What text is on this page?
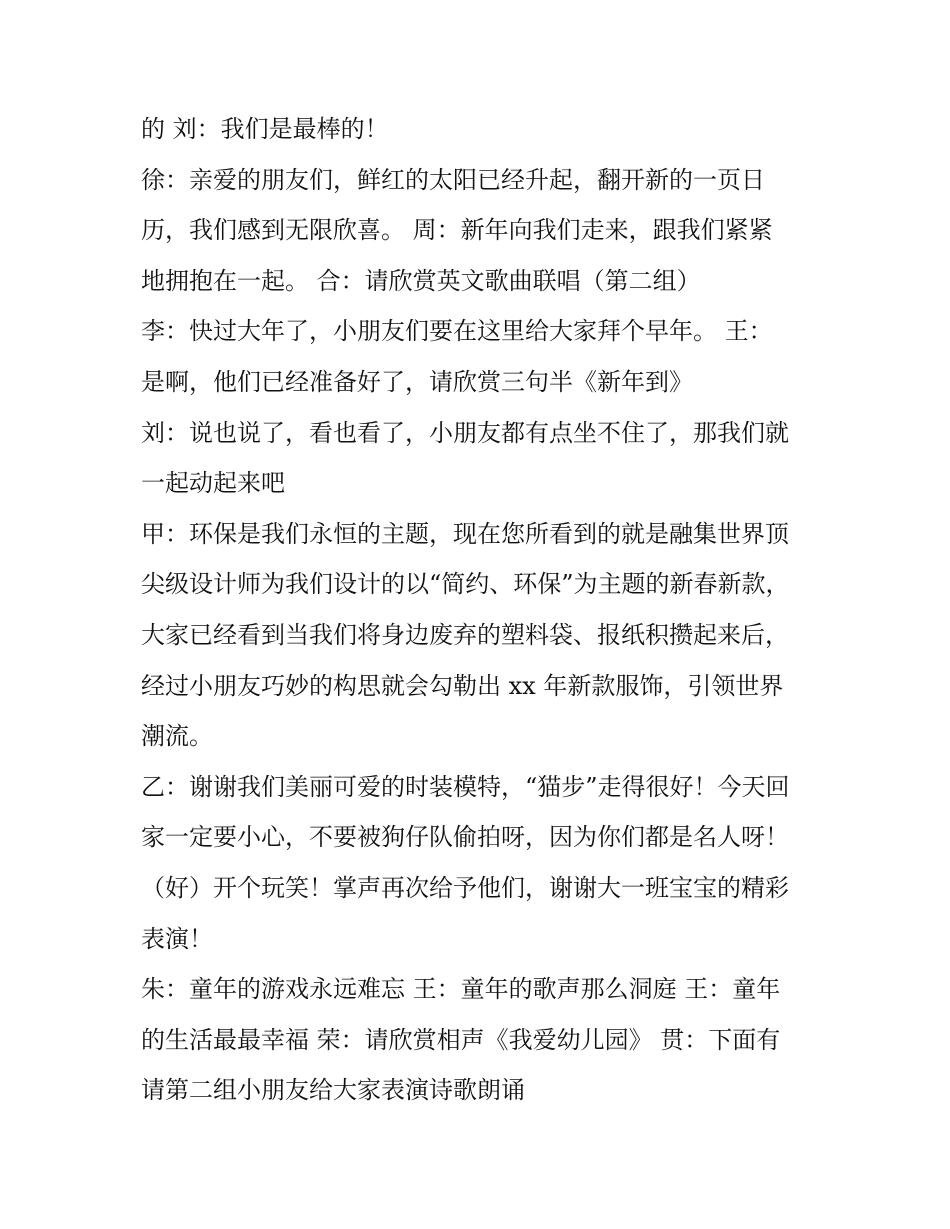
的 刘：我们是最棒的！
徐：亲爱的朋友们，鲜红的太阳已经升起，翻开新的一页日
历，我们感到无限欣喜。 周：新年向我们走来，跟我们紧紧
地拥抱在一起。 合：请欣赏英文歌曲联唱（第二组）
李：快过大年了，小朋友们要在这里给大家拜个早年。 王：
是啊，他们已经准备好了，请欣赏三句半《新年到》
刘：说也说了，看也看了，小朋友都有点坐不住了，那我们就
一起动起来吧
甲：环保是我们永恒的主题，现在您所看到的就是融集世界顶
尖级设计师为我们设计的以“简约、环保”为主题的新春新款，
大家已经看到当我们将身边废弃的塑料袋、报纸积攒起来后，
经过小朋友巧妙的构思就会勾勒出 xx 年新款服饰，引领世界
潮流。
乙：谢谢我们美丽可爱的时装模特，“猫步”走得很好！今天回
家一定要小心，不要被狗仔队偷拍呀，因为你们都是名人呀！
（好）开个玩笑！掌声再次给予他们，谢谢大一班宝宝的精彩
表演！
朱：童年的游戏永远难忘 王：童年的歌声那么洞庭 王：童年
的生活最最幸福 荣：请欣赏相声《我爱幼儿园》 贯：下面有
请第二组小朋友给大家表演诗歌朗诵
